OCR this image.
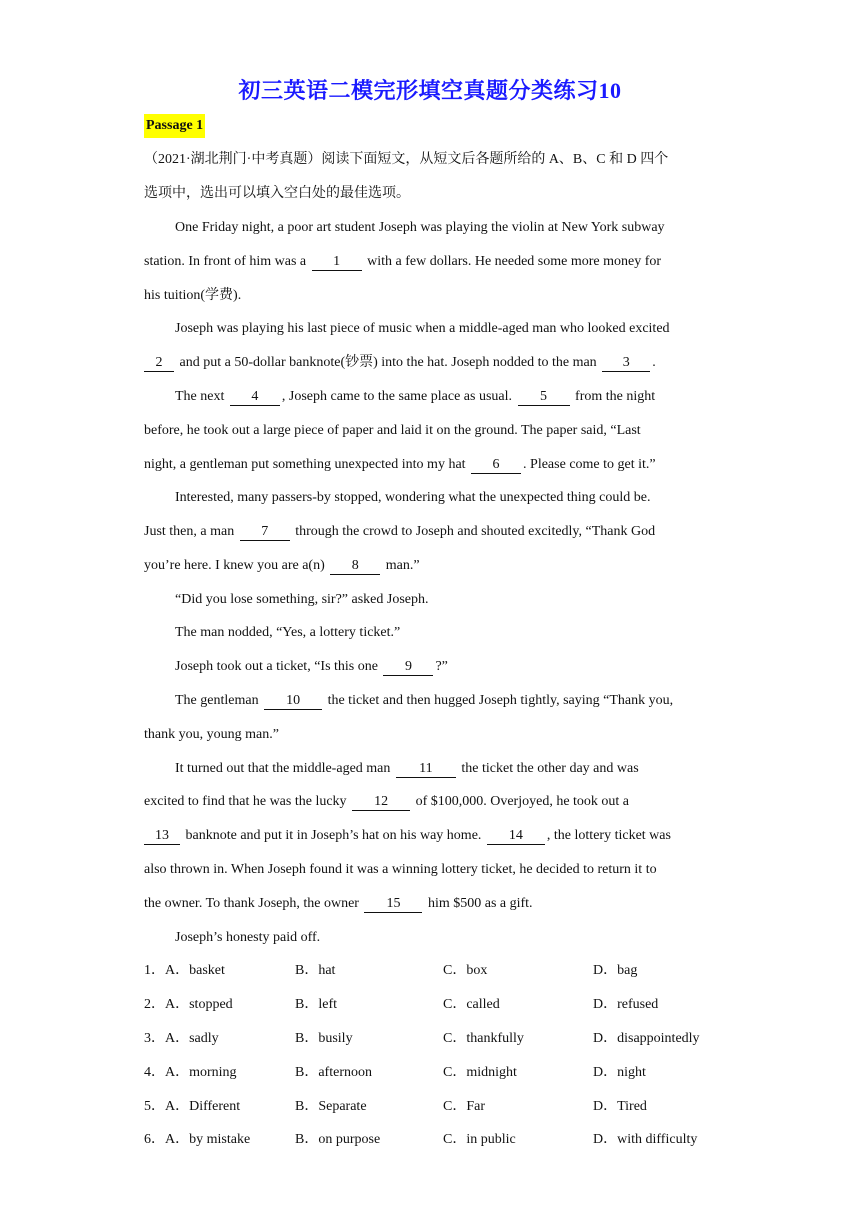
初三英语二模完形填空真题分类练习10
Passage 1
（2021·湖北荆门·中考真题）阅读下面短文，从短文后各题所给的 A、B、C 和 D 四个
选项中，选出可以填入空白处的最佳选项。
One Friday night, a poor art student Joseph was playing the violin at New York subway
station. In front of him was a 1 with a few dollars. He needed some more money for
his tuition(学费).
Joseph was playing his last piece of music when a middle-aged man who looked excited
2 and put a 50-dollar banknote(钞票) into the hat. Joseph nodded to the man 3 .
The next 4 , Joseph came to the same place as usual. 5 from the night
before, he took out a large piece of paper and laid it on the ground. The paper said, “Last
night, a gentleman put something unexpected into my hat 6 . Please come to get it.”
Interested, many passers-by stopped, wondering what the unexpected thing could be.
Just then, a man 7 through the crowd to Joseph and shouted excitedly, “Thank God
you’re here. I knew you are a(n) 8 man.”
“Did you lose something, sir?” asked Joseph.
The man nodded, “Yes, a lottery ticket.”
Joseph took out a ticket, “Is this one 9 ?”
The gentleman 10 the ticket and then hugged Joseph tightly, saying “Thank you,
thank you, young man.”
It turned out that the middle-aged man 11 the ticket the other day and was
excited to find that he was the lucky 12 of $100,000. Overjoyed, he took out a
13 banknote and put it in Joseph’s hat on his way home. 14 , the lottery ticket was
also thrown in. When Joseph found it was a winning lottery ticket, he decided to return it to
the owner. To thank Joseph, the owner 15 him $500 as a gift.
Joseph’s honesty paid off.
1．A．basket	B．hat	C．box	D．bag
2．A．stopped	B．left	C．called	D．refused
3．A．sadly	B．busily	C．thankfully	D．disappointedly
4．A．morning	B．afternoon	C．midnight	D．night
5．A．Different	B．Separate	C．Far	D．Tired
6．A．by mistake	B．on purpose	C．in public	D．with difficulty
